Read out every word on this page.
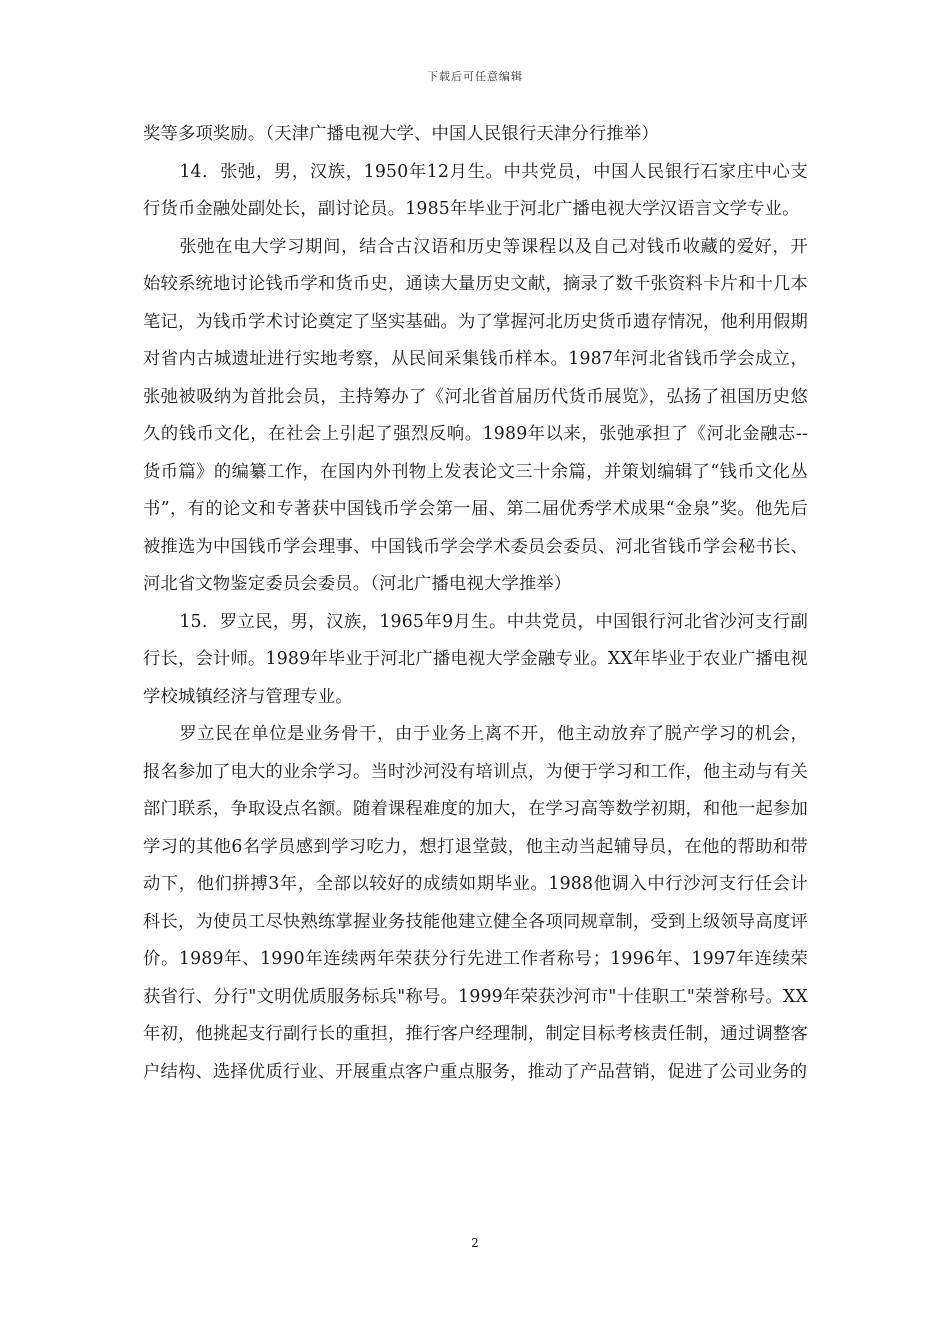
下载后可任意编辑

奖等多项奖励。（天津广播电视大学、中国人民银行天津分行推举）

14．张弛，男，汉族，1950年12月生。中共党员，中国人民银行石家庄中心支行货币金融处副处长，副讨论员。1985年毕业于河北广播电视大学汉语言文学专业。

张弛在电大学习期间，结合古汉语和历史等课程以及自己对钱币收藏的爱好，开始较系统地讨论钱币学和货币史，通读大量历史文献，摘录了数千张资料卡片和十几本笔记，为钱币学术讨论奠定了坚实基础。为了掌握河北历史货币遗存情况，他利用假期对省内古城遗址进行实地考察，从民间采集钱币样本。1987年河北省钱币学会成立，张弛被吸纳为首批会员，主持筹办了《河北省首届历代货币展览》，弘扬了祖国历史悠久的钱币文化，在社会上引起了强烈反响。1989年以来，张弛承担了《河北金融志--货币篇》的编纂工作，在国内外刊物上发表论文三十余篇，并策划编辑了“钱币文化丛书”，有的论文和专著获中国钱币学会第一届、第二届优秀学术成果“金泉”奖。他先后被推选为中国钱币学会理事、中国钱币学会学术委员会委员、河北省钱币学会秘书长、河北省文物鉴定委员会委员。（河北广播电视大学推举）

15．罗立民，男，汉族，1965年9月生。中共党员，中国银行河北省沙河支行副行长，会计师。1989年毕业于河北广播电视大学金融专业。XX年毕业于农业广播电视学校城镇经济与管理专业。

罗立民在单位是业务骨干，由于业务上离不开，他主动放弃了脱产学习的机会，报名参加了电大的业余学习。当时沙河没有培训点，为便于学习和工作，他主动与有关部门联系，争取设点名额。随着课程难度的加大，在学习高等数学初期，和他一起参加学习的其他6名学员感到学习吃力，想打退堂鼓，他主动当起辅导员，在他的帮助和带动下，他们拼搏3年，全部以较好的成绩如期毕业。1988他调入中行沙河支行任会计科长，为使员工尽快熟练掌握业务技能他建立健全各项同规章制，受到上级领导高度评价。1989年、1990年连续两年荣获分行先进工作者称号；1996年、1997年连续荣获省行、分行"文明优质服务标兵"称号。1999年荣获沙河市"十佳职工"荣誉称号。XX年初，他挑起支行副行长的重担，推行客户经理制，制定目标考核责任制，通过调整客户结构、选择优质行业、开展重点客户重点服务，推动了产品营销，促进了公司业务的

2
